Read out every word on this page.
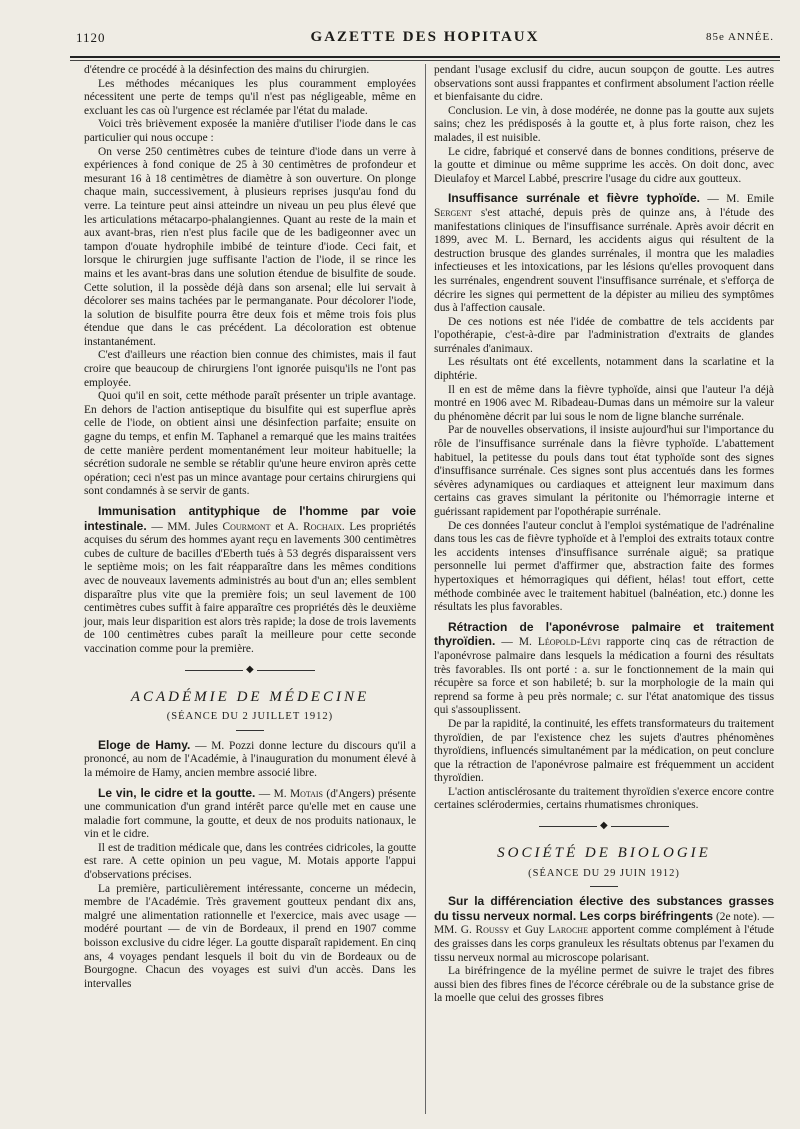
1120	GAZETTE DES HOPITAUX	85e ANNÉE.

d'étendre ce procédé à la désinfection des mains du chirurgien.

Les méthodes mécaniques les plus couramment employées nécessitent une perte de temps qu'il n'est pas négligeable, même en excluant les cas où l'urgence est réclamée par l'état du malade.

Voici très brièvement exposée la manière d'utiliser l'iode dans le cas particulier qui nous occupe :

On verse 250 centimètres cubes de teinture d'iode dans un verre à expériences à fond conique de 25 à 30 centimètres de profondeur et mesurant 16 à 18 centimètres de diamètre à son ouverture. On plonge chaque main, successivement, à plusieurs reprises jusqu'au fond du verre. La teinture peut ainsi atteindre un niveau un peu plus élevé que les articulations métacarpo-phalangiennes. Quant au reste de la main et aux avant-bras, rien n'est plus facile que de les badigeonner avec un tampon d'ouate hydrophile imbibé de teinture d'iode. Ceci fait, et lorsque le chirurgien juge suffisante l'action de l'iode, il se rince les mains et les avant-bras dans une solution étendue de bisulfite de soude. Cette solution, il la possède déjà dans son arsenal; elle lui servait à décolorer ses mains tachées par le permanganate. Pour décolorer l'iode, la solution de bisulfite pourra être deux fois et même trois fois plus étendue que dans le cas précédent. La décoloration est obtenue instantanément.

C'est d'ailleurs une réaction bien connue des chimistes, mais il faut croire que beaucoup de chirurgiens l'ont ignorée puisqu'ils ne l'ont pas employée.

Quoi qu'il en soit, cette méthode paraît présenter un triple avantage. En dehors de l'action antiseptique du bisulfite qui est superflue après celle de l'iode, on obtient ainsi une désinfection parfaite; ensuite on gagne du temps, et enfin M. Taphanel a remarqué que les mains traitées de cette manière perdent momentanément leur moiteur habituelle; la sécrétion sudorale ne semble se rétablir qu'une heure environ après cette opération; ceci n'est pas un mince avantage pour certains chirurgiens qui sont condamnés à se servir de gants.

Immunisation antityphique de l'homme par voie intestinale. — MM. Jules Courmont et A. Rochaix. Les propriétés acquises du sérum des hommes ayant reçu en lavements 300 centimètres cubes de culture de bacilles d'Eberth tués à 53 degrés disparaissent vers le septième mois; on les fait réapparaître dans les mêmes conditions avec de nouveaux lavements administrés au bout d'un an; elles semblent disparaître plus vite que la première fois; un seul lavement de 100 centimètres cubes suffit à faire apparaître ces propriétés dès le deuxième jour, mais leur disparition est alors très rapide; la dose de trois lavements de 100 centimètres cubes paraît la meilleure pour cette seconde vaccination comme pour la première.

◆
ACADÉMIE DE MÉDECINE
(SÉANCE DU 2 JUILLET 1912)

Eloge de Hamy. — M. Pozzi donne lecture du discours qu'il a prononcé, au nom de l'Académie, à l'inauguration du monument élevé à la mémoire de Hamy, ancien membre associé libre.

Le vin, le cidre et la goutte. — M. Motais (d'Angers) présente une communication d'un grand intérêt parce qu'elle met en cause une maladie fort commune, la goutte, et deux de nos produits nationaux, le vin et le cidre.

Il est de tradition médicale que, dans les contrées cidricoles, la goutte est rare. A cette opinion un peu vague, M. Motais apporte l'appui d'observations précises.

La première, particulièrement intéressante, concerne un médecin, membre de l'Académie. Très gravement goutteux pendant dix ans, malgré une alimentation rationnelle et l'exercice, mais avec usage — modéré pourtant — de vin de Bordeaux, il prend en 1907 comme boisson exclusive du cidre léger. La goutte disparaît rapidement. En cinq ans, 4 voyages pendant lesquels il boit du vin de Bordeaux ou de Bourgogne. Chacun des voyages est suivi d'un accès. Dans les intervalles

pendant l'usage exclusif du cidre, aucun soupçon de goutte. Les autres observations sont aussi frappantes et confirment absolument l'action réelle et bienfaisante du cidre.

Conclusion. Le vin, à dose modérée, ne donne pas la goutte aux sujets sains; chez les prédisposés à la goutte et, à plus forte raison, chez les malades, il est nuisible.

Le cidre, fabriqué et conservé dans de bonnes conditions, préserve de la goutte et diminue ou même supprime les accès. On doit donc, avec Dieulafoy et Marcel Labbé, prescrire l'usage du cidre aux goutteux.

Insuffisance surrénale et fièvre typhoïde. — M. Emile Sergent s'est attaché, depuis près de quinze ans, à l'étude des manifestations cliniques de l'insuffisance surrénale. Après avoir décrit en 1899, avec M. L. Bernard, les accidents aigus qui résultent de la destruction brusque des glandes surrénales, il montra que les maladies infectieuses et les intoxications, par les lésions qu'elles provoquent dans les surrénales, engendrent souvent l'insuffisance surrénale, et s'efforça de décrire les signes qui permettent de la dépister au milieu des symptômes dus à l'affection causale.

De ces notions est née l'idée de combattre de tels accidents par l'opothérapie, c'est-à-dire par l'administration d'extraits de glandes surrénales d'animaux.

Les résultats ont été excellents, notamment dans la scarlatine et la diphtérie.

Il en est de même dans la fièvre typhoïde, ainsi que l'auteur l'a déjà montré en 1906 avec M. Ribadeau-Dumas dans un mémoire sur la valeur du phénomène décrit par lui sous le nom de ligne blanche surrénale.

Par de nouvelles observations, il insiste aujourd'hui sur l'importance du rôle de l'insuffisance surrénale dans la fièvre typhoïde. L'abattement habituel, la petitesse du pouls dans tout état typhoïde sont des signes d'insuffisance surrénale. Ces signes sont plus accentués dans les formes sévères adynamiques ou cardiaques et atteignent leur maximum dans certains cas graves simulant la péritonite ou l'hémorragie interne et guérissant rapidement par l'opothérapie surrénale.

De ces données l'auteur conclut à l'emploi systématique de l'adrénaline dans tous les cas de fièvre typhoïde et à l'emploi des extraits totaux contre les accidents intenses d'insuffisance surrénale aiguë; sa pratique personnelle lui permet d'affirmer que, abstraction faite des formes hypertoxiques et hémorragiques qui défient, hélas! tout effort, cette méthode combinée avec le traitement habituel (balnéation, etc.) donne les résultats les plus favorables.

Rétraction de l'aponévrose palmaire et traitement thyroïdien. — M. Léopold-Lévi rapporte cinq cas de rétraction de l'aponévrose palmaire dans lesquels la médication a fourni des résultats très favorables. Ils ont porté : a. sur le fonctionnement de la main qui récupère sa force et son habileté; b. sur la morphologie de la main qui reprend sa forme à peu près normale; c. sur l'état anatomique des tissus qui s'assouplissent.

De par la rapidité, la continuité, les effets transformateurs du traitement thyroïdien, de par l'existence chez les sujets d'autres phénomènes thyroïdiens, influencés simultanément par la médication, on peut conclure que la rétraction de l'aponévrose palmaire est fréquemment un accident thyroïdien.

L'action antisclérosante du traitement thyroïdien s'exerce encore contre certaines sclérodermies, certains rhumatismes chroniques.

◆
SOCIÉTÉ DE BIOLOGIE
(SÉANCE DU 29 JUIN 1912)

Sur la différenciation élective des substances grasses du tissu nerveux normal. Les corps biréfringents (2e note). — MM. G. Roussy et Guy Laroche apportent comme complément à l'étude des graisses dans les corps granuleux les résultats obtenus par l'examen du tissu nerveux normal au microscope polarisant.

La biréfringence de la myéline permet de suivre le trajet des fibres aussi bien des fibres fines de l'écorce cérébrale ou de la substance grise de la moelle que celui des grosses fibres
